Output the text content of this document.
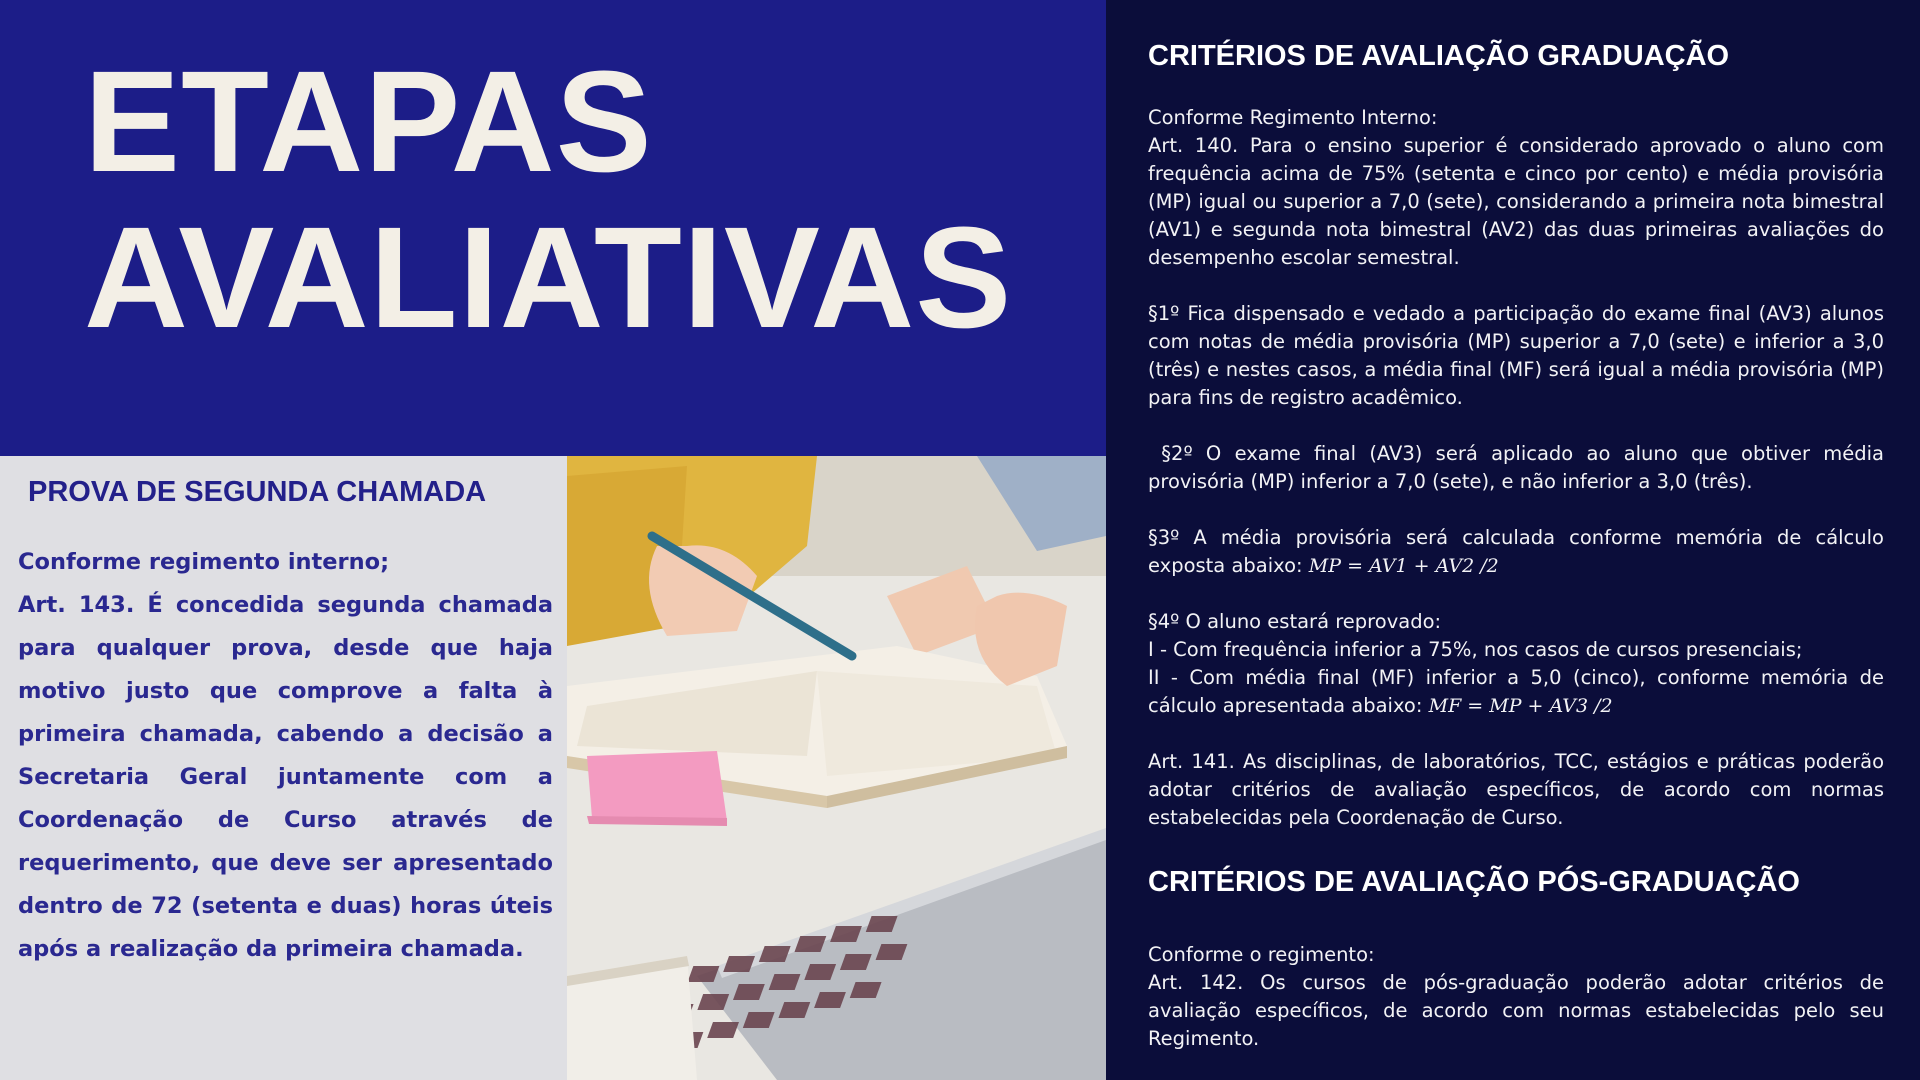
ETAPAS
AVALIATIVAS
PROVA DE SEGUNDA CHAMADA

Conforme regimento interno;

Art. 143. É concedida segunda chamada para qualquer prova, desde que haja motivo justo que comprove a falta à primeira chamada, cabendo a decisão a Secretaria Geral juntamente com a Coordenação de Curso através de requerimento, que deve ser apresentado dentro de 72 (setenta e duas) horas úteis após a realização da primeira chamada.

CRITÉRIOS DE AVALIAÇÃO GRADUAÇÃO

Conforme Regimento Interno:

Art. 140. Para o ensino superior é considerado aprovado o aluno com frequência acima de 75% (setenta e cinco por cento) e média provisória (MP) igual ou superior a 7,0 (sete), considerando a primeira nota bimestral (AV1) e segunda nota bimestral (AV2) das duas primeiras avaliações do desempenho escolar semestral.

§1º Fica dispensado e vedado a participação do exame final (AV3) alunos com notas de média provisória (MP) superior a 7,0 (sete) e inferior a 3,0 (três) e nestes casos, a média final (MF) será igual a média provisória (MP) para fins de registro acadêmico.

§2º O exame final (AV3) será aplicado ao aluno que obtiver média provisória (MP) inferior a 7,0 (sete), e não inferior a 3,0 (três).

§3º A média provisória será calculada conforme memória de cálculo exposta abaixo: MP = AV1 + AV2 /2

§4º O aluno estará reprovado:

I - Com frequência inferior a 75%, nos casos de cursos presenciais;

II - Com média final (MF) inferior a 5,0 (cinco), conforme memória de cálculo apresentada abaixo: MF = MP + AV3 /2

Art. 141. As disciplinas, de laboratórios, TCC, estágios e práticas poderão adotar critérios de avaliação específicos, de acordo com normas estabelecidas pela Coordenação de Curso.

CRITÉRIOS DE AVALIAÇÃO PÓS-GRADUAÇÃO

Conforme o regimento:

Art. 142. Os cursos de pós-graduação poderão adotar critérios de avaliação específicos, de acordo com normas estabelecidas pelo seu Regimento.
